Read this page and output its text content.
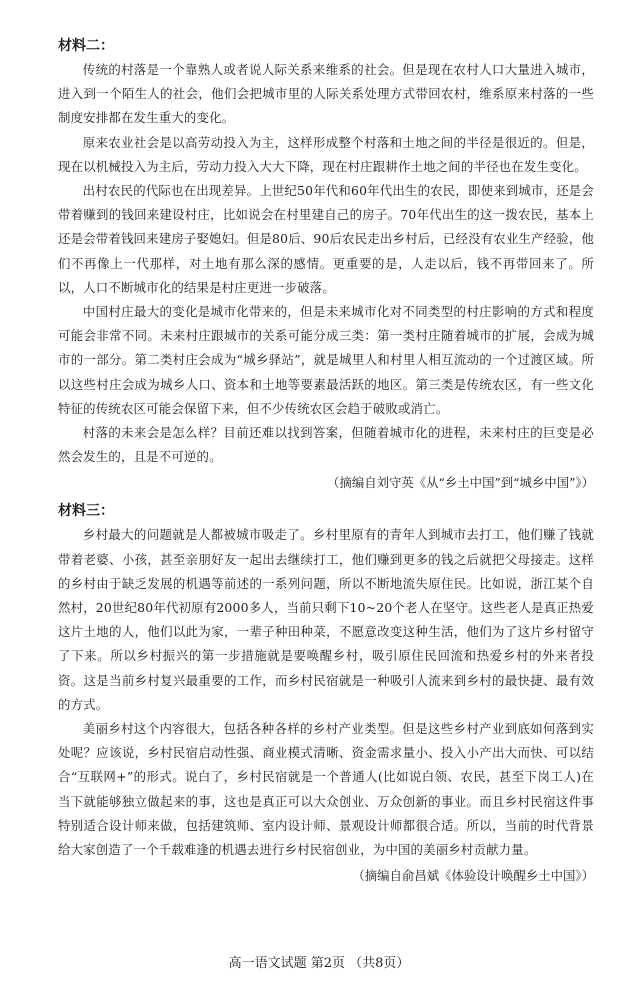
材料二：

传统的村落是一个靠熟人或者说人际关系来维系的社会。但是现在农村人口大量进入城市，进入到一个陌生人的社会，他们会把城市里的人际关系处理方式带回农村，维系原来村落的一些制度安排都在发生重大的变化。

原来农业社会是以高劳动投入为主，这样形成整个村落和土地之间的半径是很近的。但是，现在以机械投入为主后，劳动力投入大大下降，现在村庄跟耕作土地之间的半径也在发生变化。

出村农民的代际也在出现差异。上世纪50年代和60年代出生的农民，即使来到城市，还是会带着赚到的钱回来建设村庄，比如说会在村里建自己的房子。70年代出生的这一拨农民，基本上还是会带着钱回来建房子娶媳妇。但是80后、90后农民走出乡村后，已经没有农业生产经验，他们不再像上一代那样，对土地有那么深的感情。更重要的是，人走以后，钱不再带回来了。所以，人口不断城市化的结果是村庄更进一步破落。

中国村庄最大的变化是城市化带来的，但是未来城市化对不同类型的村庄影响的方式和程度可能会非常不同。未来村庄跟城市的关系可能分成三类：第一类村庄随着城市的扩展，会成为城市的一部分。第二类村庄会成为“城乡驿站”，就是城里人和村里人相互流动的一个过渡区域。所以这些村庄会成为城乡人口、资本和土地等要素最活跃的地区。第三类是传统农区，有一些文化特征的传统农区可能会保留下来，但不少传统农区会趋于破败或消亡。

村落的未来会是怎么样？目前还难以找到答案，但随着城市化的进程，未来村庄的巨变是必然会发生的，且是不可逆的。

（摘编自刘守英《从“乡土中国”到“城乡中国”》）

材料三：

乡村最大的问题就是人都被城市吸走了。乡村里原有的青年人到城市去打工，他们赚了钱就带着老婆、小孩，甚至亲朋好友一起出去继续打工，他们赚到更多的钱之后就把父母接走。这样的乡村由于缺乏发展的机遇等前述的一系列问题，所以不断地流失原住民。比如说，浙江某个自然村，20世纪80年代初原有2000多人，当前只剩下10~20个老人在坚守。这些老人是真正热爱这片土地的人，他们以此为家，一辈子种田种菜，不愿意改变这种生活，他们为了这片乡村留守了下来。所以乡村振兴的第一步措施就是要唤醒乡村，吸引原住民回流和热爱乡村的外来者投资。这是当前乡村复兴最重要的工作，而乡村民宿就是一种吸引人流来到乡村的最快捷、最有效的方式。

美丽乡村这个内容很大，包括各种各样的乡村产业类型。但是这些乡村产业到底如何落到实处呢？应该说，乡村民宿启动性强、商业模式清晰、资金需求量小、投入小产出大而快、可以结合“互联网+”的形式。说白了，乡村民宿就是一个普通人(比如说白领、农民，甚至下岗工人)在当下就能够独立做起来的事，这也是真正可以大众创业、万众创新的事业。而且乡村民宿这件事特别适合设计师来做，包括建筑师、室内设计师、景观设计师都很合适。所以，当前的时代背景给大家创造了一个千载难逢的机遇去进行乡村民宿创业，为中国的美丽乡村贡献力量。

（摘编自俞昌斌《体验设计唤醒乡土中国》）

高一语文试题 第2页 （共8页）
